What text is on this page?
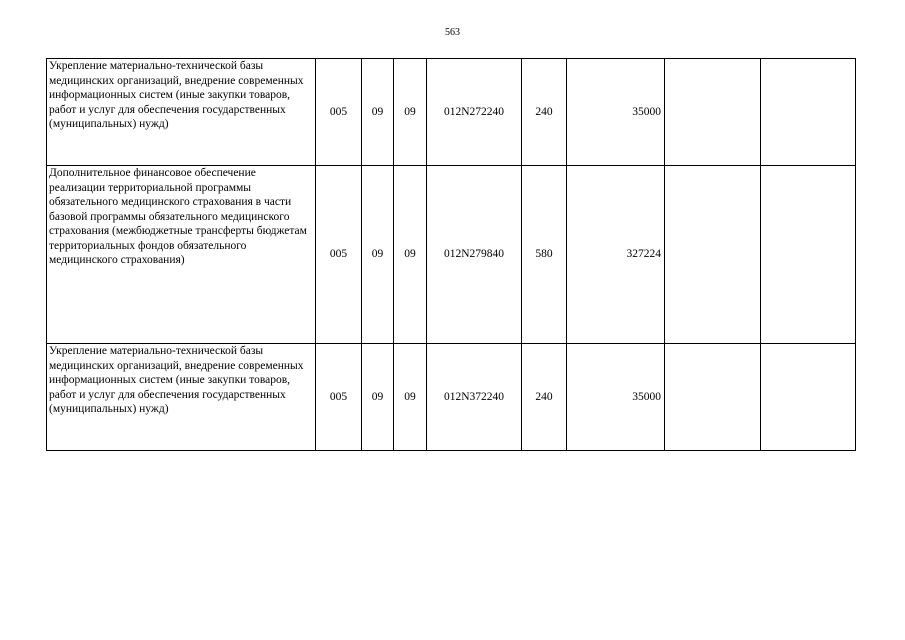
563
Укрепление материально-технической базы медицинских организаций, внедрение современных информационных систем (иные закупки товаров, работ и услуг для обеспечения государственных (муниципальных) нужд)	005	09	09	012N272240	240	35000		
Дополнительное финансовое обеспечение реализации территориальной программы обязательного медицинского страхования в части базовой программы обязательного медицинского страхования (межбюджетные трансферты бюджетам территориальных фондов обязательного медицинского страхования)	005	09	09	012N279840	580	327224		
Укрепление материально-технической базы медицинских организаций, внедрение современных информационных систем (иные закупки товаров, работ и услуг для обеспечения государственных (муниципальных) нужд)	005	09	09	012N372240	240	35000		
